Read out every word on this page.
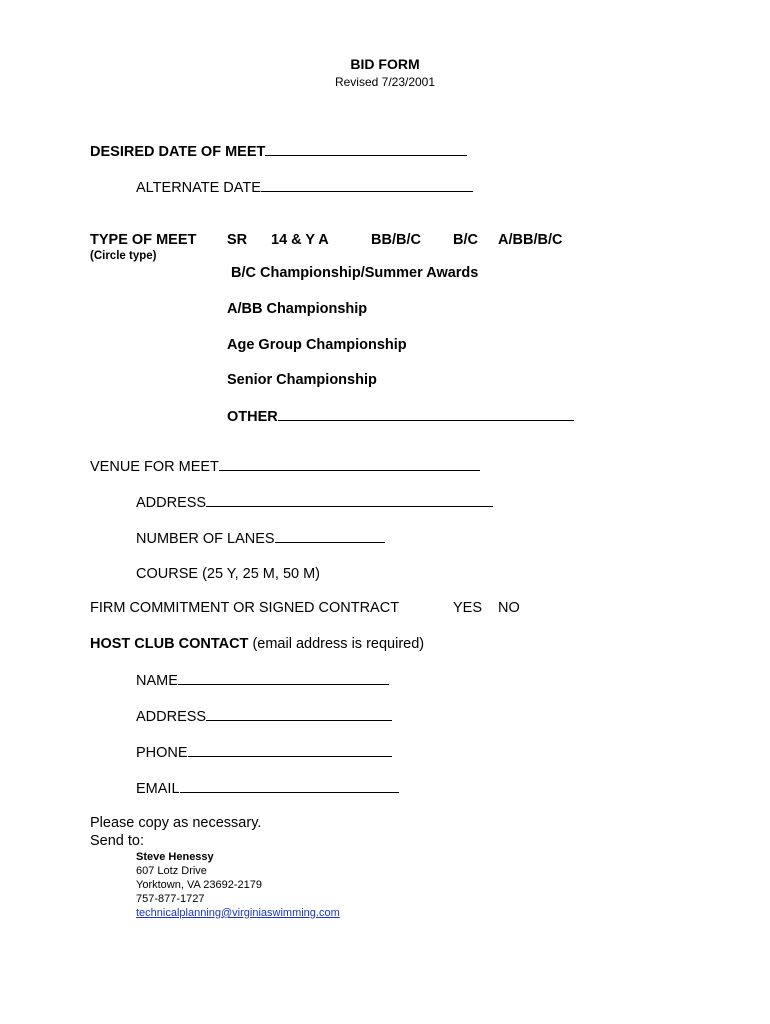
BID FORM
Revised 7/23/2001
DESIRED DATE OF MEET
ALTERNATE DATE
TYPE OF MEET
(Circle type)
SR 14 & Y A	BB/B/C B/C A/BB/B/C
B/C Championship/Summer Awards
A/BB Championship
Age Group Championship
Senior Championship
OTHER
VENUE FOR MEET
ADDRESS
NUMBER OF LANES
COURSE (25 Y, 25 M, 50 M)
FIRM COMMITMENT OR SIGNED CONTRACT	YES NO
HOST CLUB CONTACT (email address is required)
NAME
ADDRESS
PHONE
EMAIL
Please copy as necessary.
Send to:
Steve Henessy
607 Lotz Drive
Yorktown, VA 23692-2179
757-877-1727
technicalplanning@virginiaswimming.com
